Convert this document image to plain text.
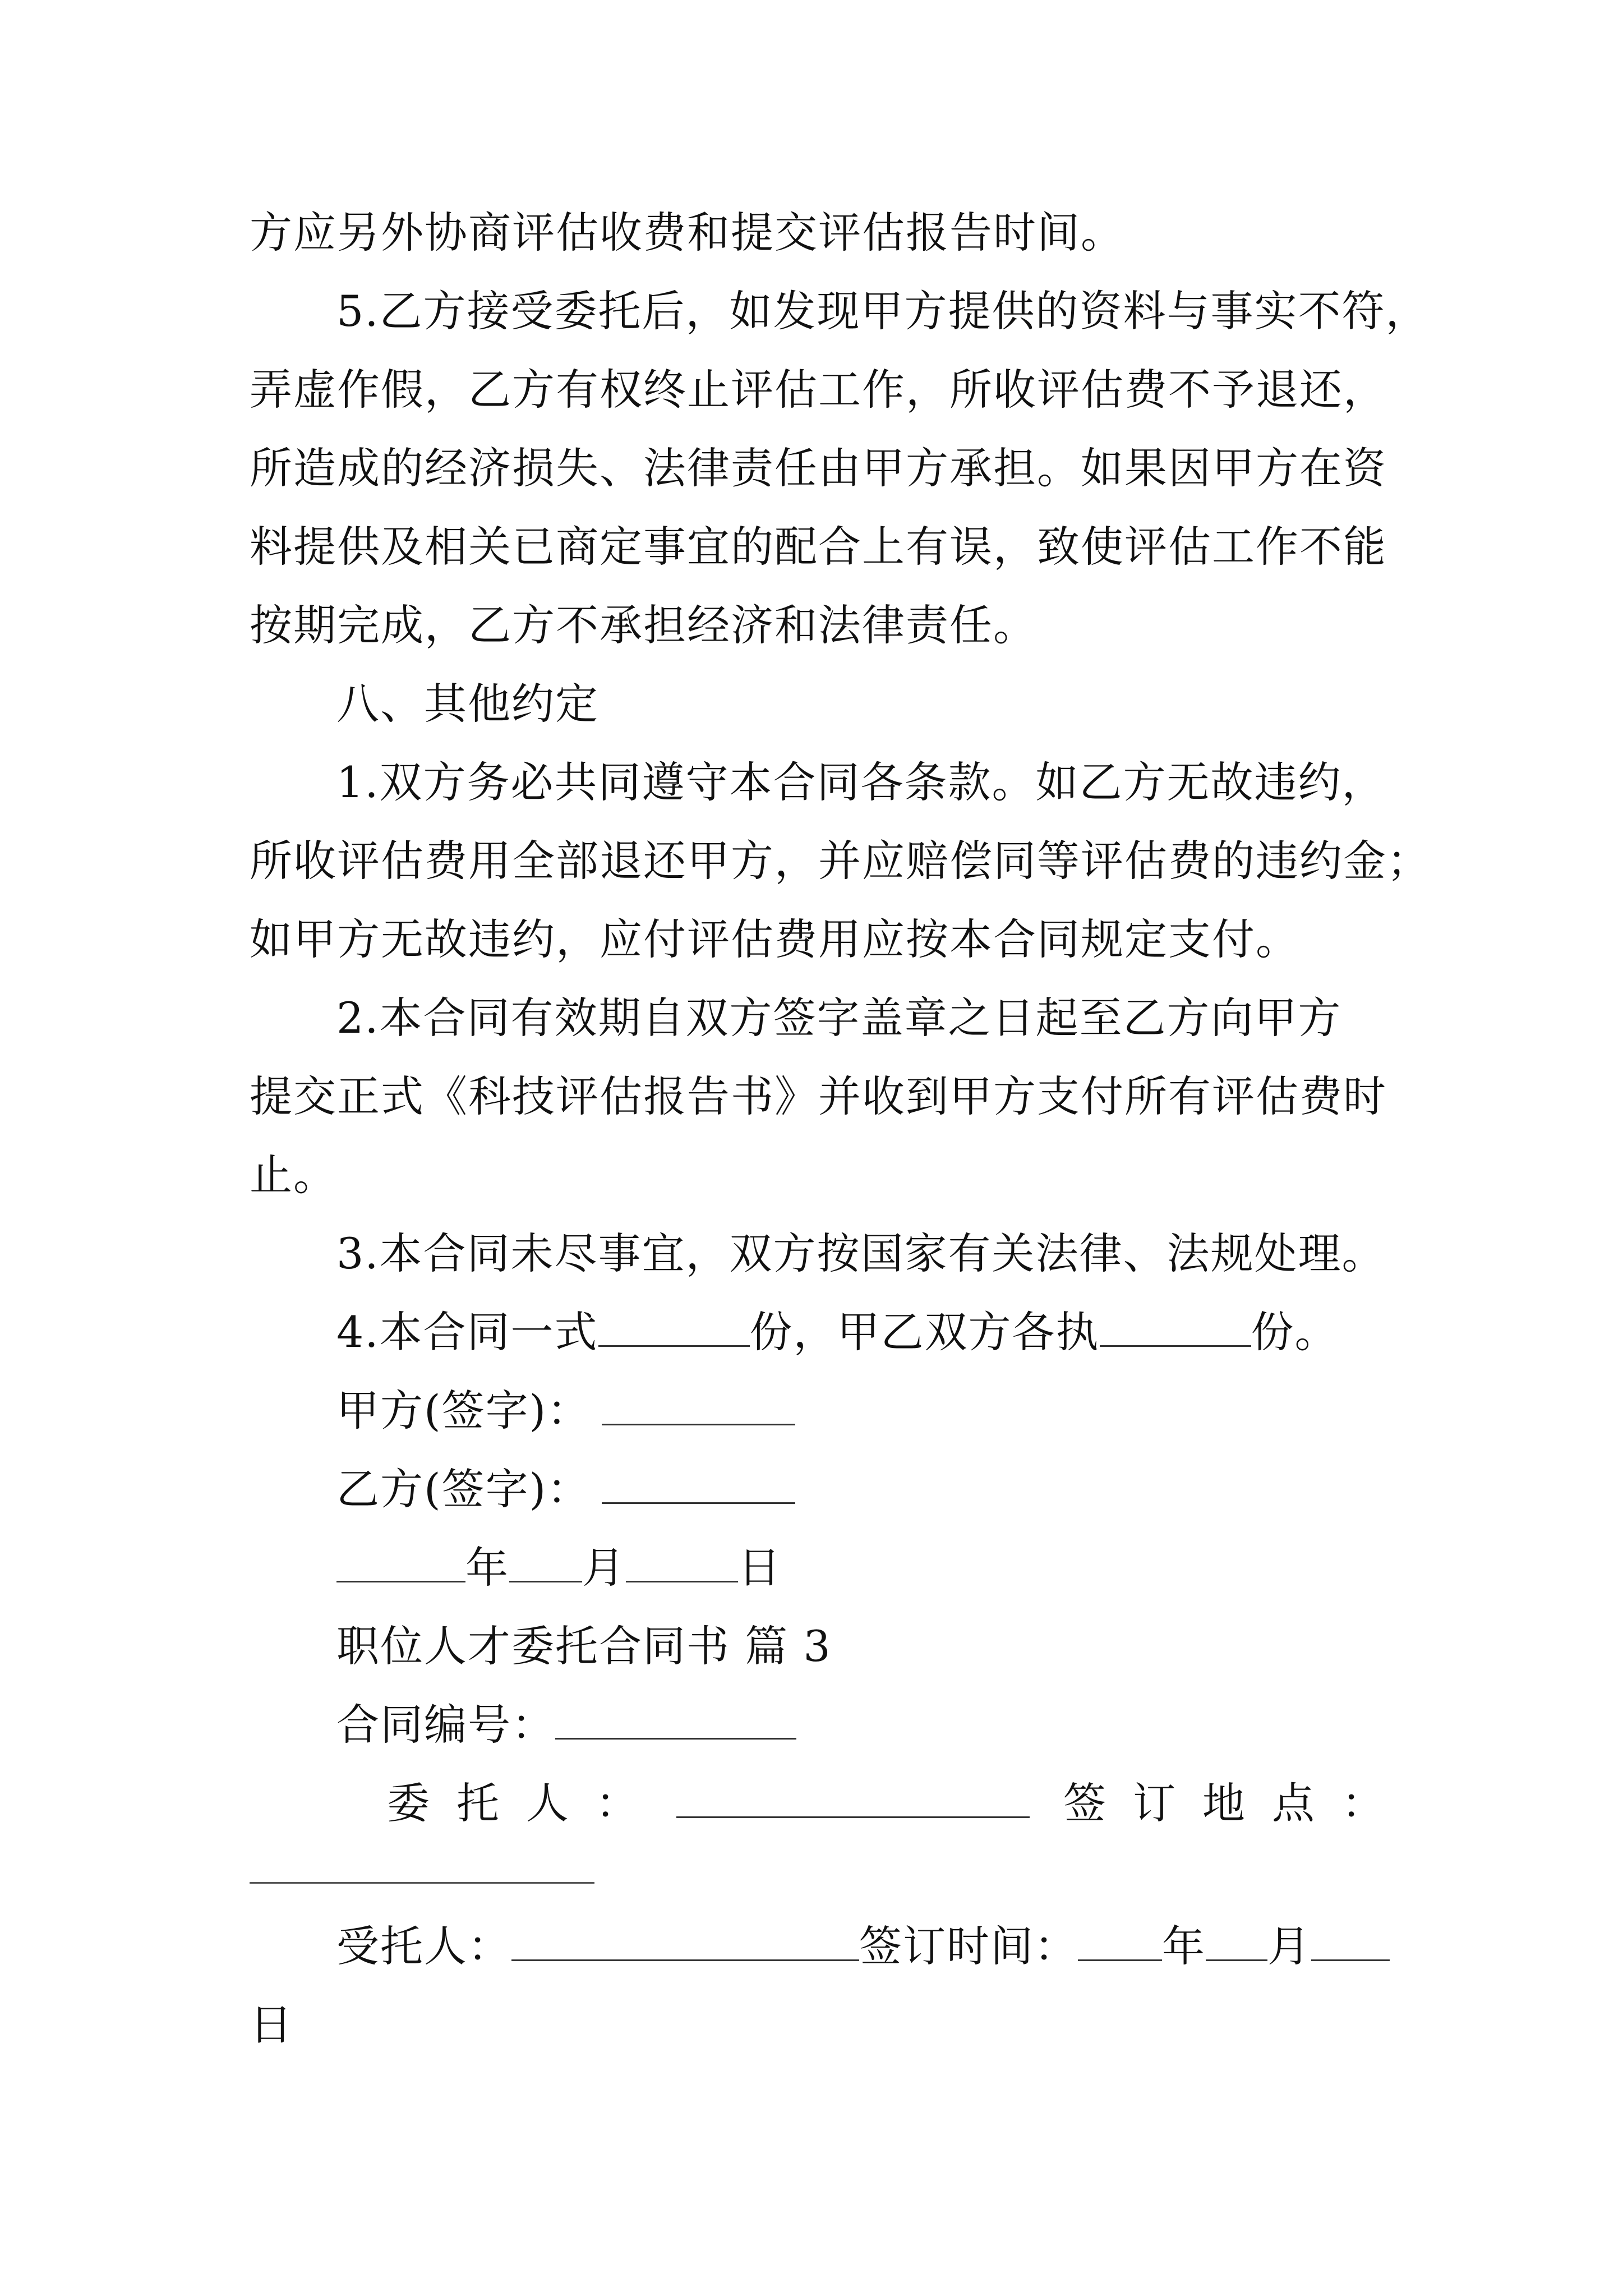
方应另外协商评估收费和提交评估报告时间。
5.乙方接受委托后，如发现甲方提供的资料与事实不符，
弄虚作假，乙方有权终止评估工作，所收评估费不予退还，
所造成的经济损失、法律责任由甲方承担。如果因甲方在资
料提供及相关已商定事宜的配合上有误，致使评估工作不能
按期完成，乙方不承担经济和法律责任。
八、其他约定
1.双方务必共同遵守本合同各条款。如乙方无故违约，
所收评估费用全部退还甲方，并应赔偿同等评估费的违约金；
如甲方无故违约，应付评估费用应按本合同规定支付。
2.本合同有效期自双方签字盖章之日起至乙方向甲方
提交正式《科技评估报告书》并收到甲方支付所有评估费时
止。
3.本合同未尽事宜，双方按国家有关法律、法规处理。
4.本合同一式	份，甲乙双方各执	份。
甲方(签字)：
乙方(签字)：
年 月	日
职位人才委托合同书 篇 3
合同编号：
委托人：	签订地点：
受托人：	签订时间： 年 月
日
